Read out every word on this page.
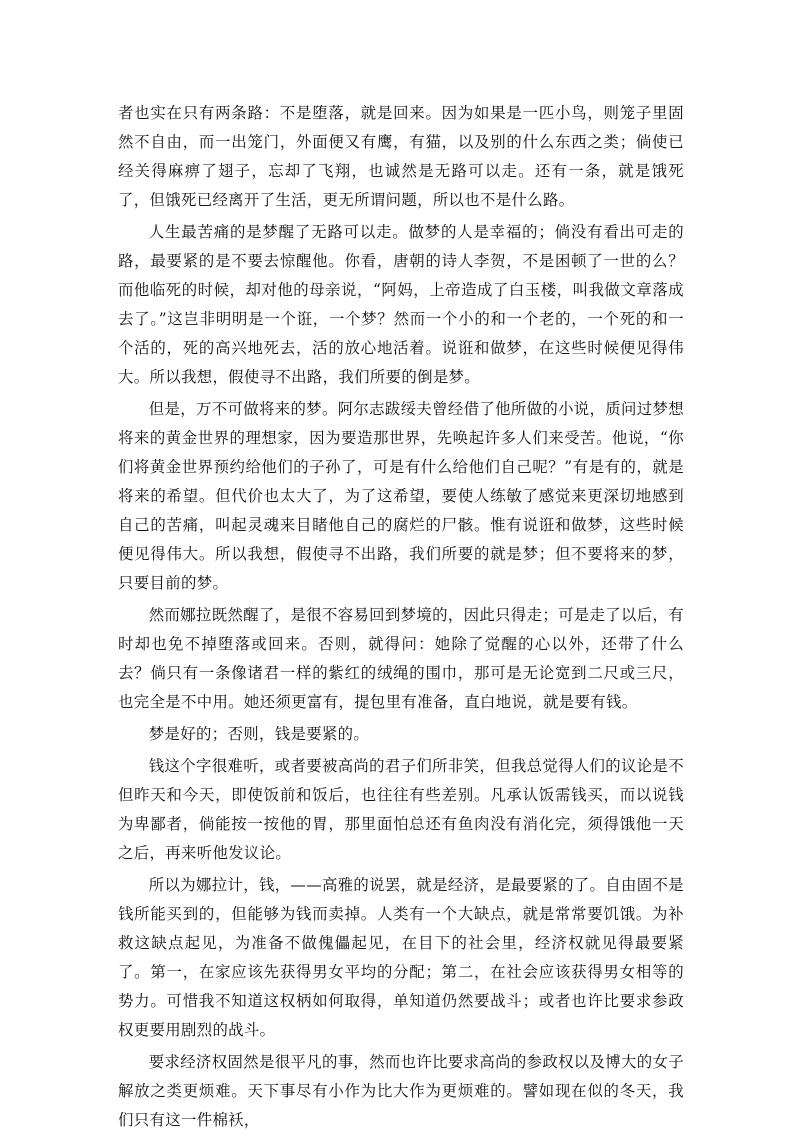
者也实在只有两条路：不是堕落，就是回来。因为如果是一匹小鸟，则笼子里固然不自由，而一出笼门，外面便又有鹰，有猫，以及别的什么东西之类；倘使已经关得麻痹了翅子，忘却了飞翔，也诚然是无路可以走。还有一条，就是饿死了，但饿死已经离开了生活，更无所谓问题，所以也不是什么路。

人生最苦痛的是梦醒了无路可以走。做梦的人是幸福的；倘没有看出可走的路，最要紧的是不要去惊醒他。你看，唐朝的诗人李贺，不是困顿了一世的么？而他临死的时候，却对他的母亲说，“阿妈，上帝造成了白玉楼，叫我做文章落成去了。”这岂非明明是一个诳，一个梦？然而一个小的和一个老的，一个死的和一个活的，死的高兴地死去，活的放心地活着。说诳和做梦，在这些时候便见得伟大。所以我想，假使寻不出路，我们所要的倒是梦。

但是，万不可做将来的梦。阿尔志跋绥夫曾经借了他所做的小说，质问过梦想将来的黄金世界的理想家，因为要造那世界，先唤起许多人们来受苦。他说，“你们将黄金世界预约给他们的子孙了，可是有什么给他们自己呢？”有是有的，就是将来的希望。但代价也太大了，为了这希望，要使人练敏了感觉来更深切地感到自己的苦痛，叫起灵魂来目睹他自己的腐烂的尸骸。惟有说诳和做梦，这些时候便见得伟大。所以我想，假使寻不出路，我们所要的就是梦；但不要将来的梦，只要目前的梦。

然而娜拉既然醒了，是很不容易回到梦境的，因此只得走；可是走了以后，有时却也免不掉堕落或回来。否则，就得问：她除了觉醒的心以外，还带了什么去？倘只有一条像诸君一样的紫红的绒绳的围巾，那可是无论宽到二尺或三尺，也完全是不中用。她还须更富有，提包里有准备，直白地说，就是要有钱。

梦是好的；否则，钱是要紧的。

钱这个字很难听，或者要被高尚的君子们所非笑，但我总觉得人们的议论是不但昨天和今天，即使饭前和饭后，也往往有些差别。凡承认饭需钱买，而以说钱为卑鄙者，倘能按一按他的胃，那里面怕总还有鱼肉没有消化完，须得饿他一天之后，再来听他发议论。

所以为娜拉计，钱，——高雅的说罢，就是经济，是最要紧的了。自由固不是钱所能买到的，但能够为钱而卖掉。人类有一个大缺点，就是常常要饥饿。为补救这缺点起见，为准备不做傀儡起见，在目下的社会里，经济权就见得最要紧了。第一，在家应该先获得男女平均的分配；第二，在社会应该获得男女相等的势力。可惜我不知道这权柄如何取得，单知道仍然要战斗；或者也许比要求参政权更要用剧烈的战斗。

要求经济权固然是很平凡的事，然而也许比要求高尚的参政权以及博大的女子解放之类更烦难。天下事尽有小作为比大作为更烦难的。譬如现在似的冬天，我们只有这一件棉袄，
